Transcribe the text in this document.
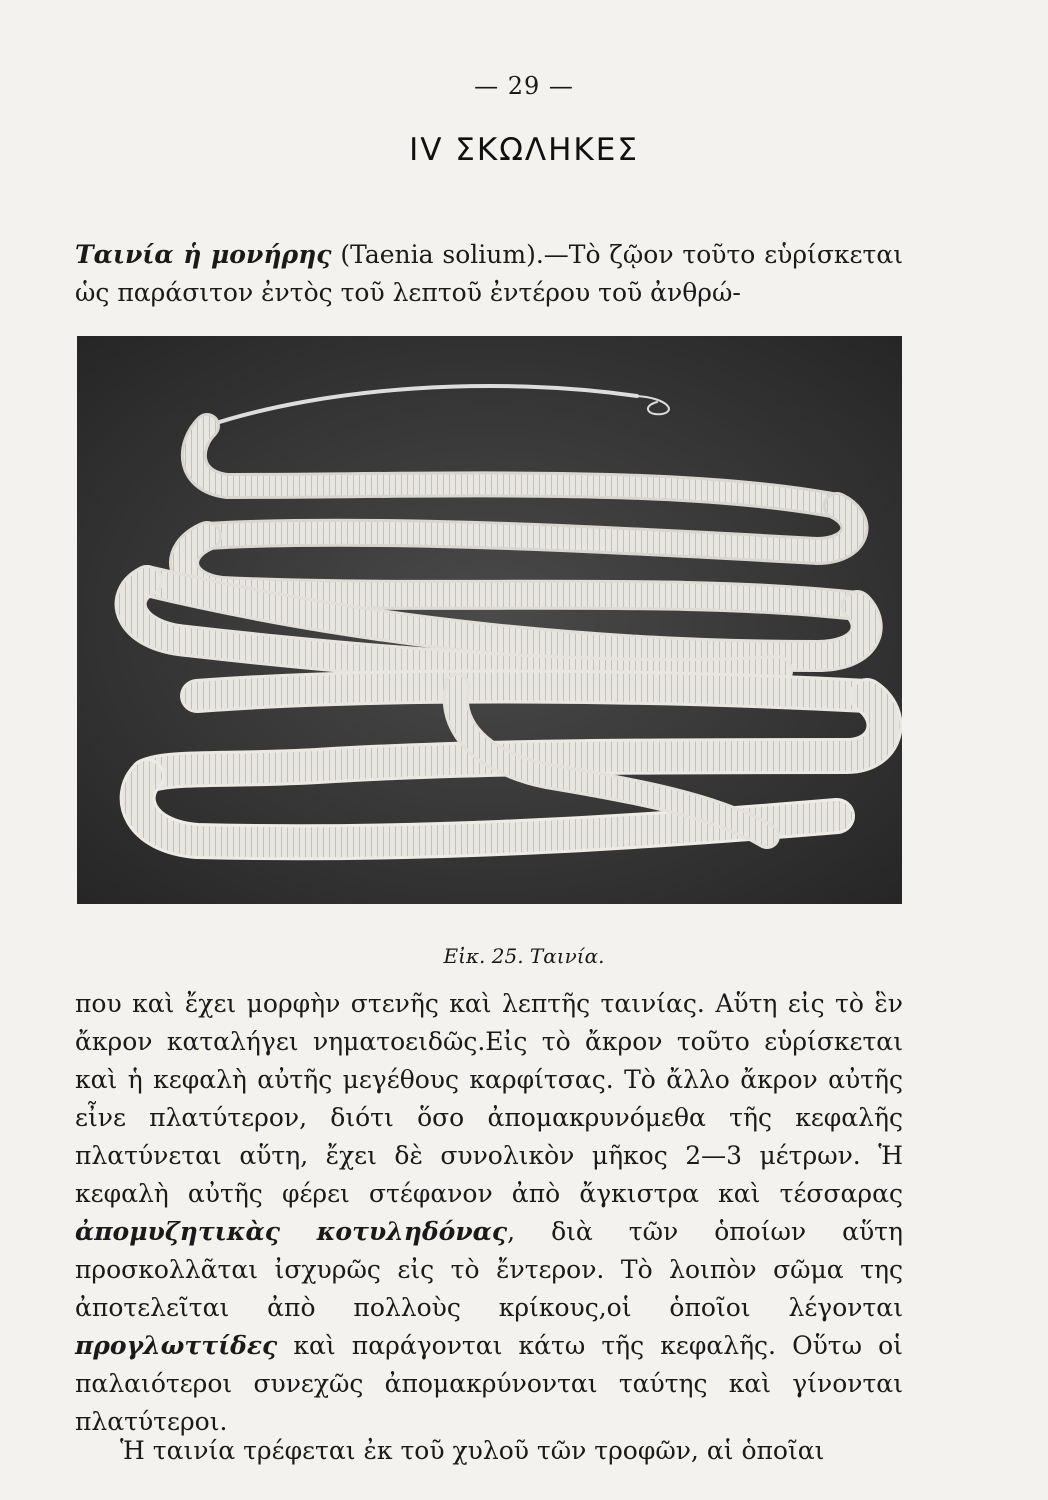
— 29 —
IV ΣΚΩΛΗΚΕΣ
Ταινία ἡ μονήρης (Taenia solium).—Τὸ ζῷον τοῦτο εὑρίσκεται ὡς παράσιτον ἐντὸς τοῦ λεπτοῦ ἐντέρου τοῦ ἀνθρώ-
Εἰκ. 25. Ταινία.
που καὶ ἔχει μορφὴν στενῆς καὶ λεπτῆς ταινίας. Αὕτη εἰς τὸ ἓν ἄκρον καταλήγει νηματοειδῶς.Εἰς τὸ ἄκρον τοῦτο εὑρίσκεται καὶ ἡ κεφαλὴ αὐτῆς μεγέθους καρφίτσας. Τὸ ἄλλο ἄκρον αὐτῆς εἶνε πλατύτερον, διότι ὅσο ἀπομακρυνόμεθα τῆς κεφαλῆς πλατύνεται αὕτη, ἔχει δὲ συνολικὸν μῆκος 2—3 μέτρων. Ἡ κεφαλὴ αὐτῆς φέρει στέφανον ἀπὸ ἄγκιστρα καὶ τέσσαρας ἀπομυζητικὰς κοτυληδόνας, διὰ τῶν ὁποίων αὕτη προσκολλᾶται ἰσχυρῶς εἰς τὸ ἔντερον. Τὸ λοιπὸν σῶμα της ἀποτελεῖται ἀπὸ πολλοὺς κρίκους,οἱ ὁποῖοι λέγονται προγλωττίδες καὶ παράγονται κάτω τῆς κεφαλῆς. Οὕτω οἱ παλαιότεροι συνεχῶς ἀπομακρύνονται ταύτης καὶ γίνονται πλατύτεροι.
Ἡ ταινία τρέφεται ἐκ τοῦ χυλοῦ τῶν τροφῶν, αἱ ὁποῖαι
